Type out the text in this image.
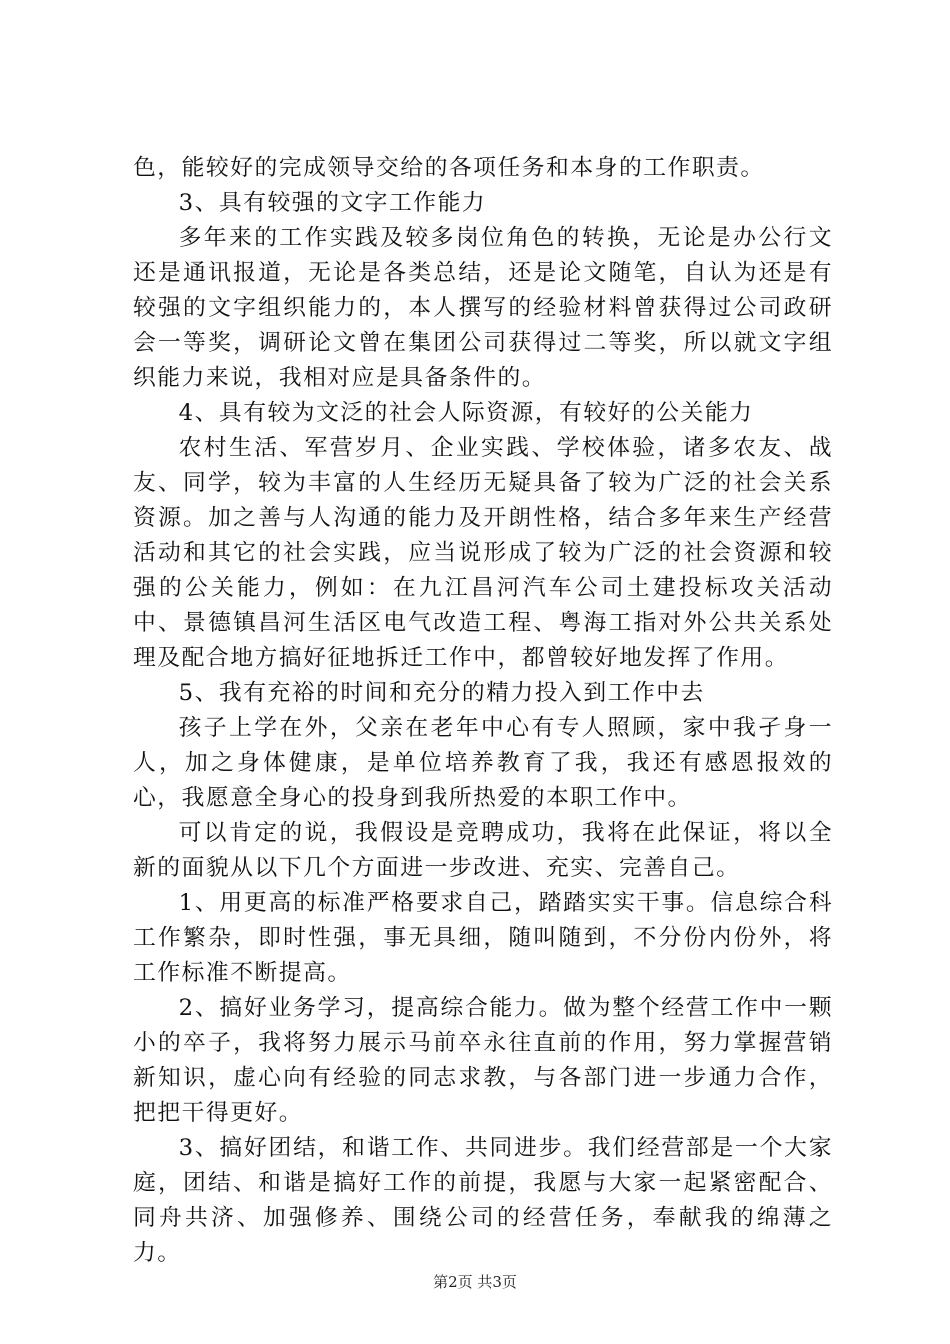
色，能较好的完成领导交给的各项任务和本身的工作职责。

3、具有较强的文字工作能力

多年来的工作实践及较多岗位角色的转换，无论是办公行文还是通讯报道，无论是各类总结，还是论文随笔，自认为还是有较强的文字组织能力的，本人撰写的经验材料曾获得过公司政研会一等奖，调研论文曾在集团公司获得过二等奖，所以就文字组织能力来说，我相对应是具备条件的。

4、具有较为文泛的社会人际资源，有较好的公关能力

农村生活、军营岁月、企业实践、学校体验，诸多农友、战友、同学，较为丰富的人生经历无疑具备了较为广泛的社会关系资源。加之善与人沟通的能力及开朗性格，结合多年来生产经营活动和其它的社会实践，应当说形成了较为广泛的社会资源和较强的公关能力，例如：在九江昌河汽车公司土建投标攻关活动中、景德镇昌河生活区电气改造工程、粤海工指对外公共关系处理及配合地方搞好征地拆迁工作中，都曾较好地发挥了作用。

5、我有充裕的时间和充分的精力投入到工作中去

孩子上学在外，父亲在老年中心有专人照顾，家中我孑身一人，加之身体健康，是单位培养教育了我，我还有感恩报效的心，我愿意全身心的投身到我所热爱的本职工作中。

可以肯定的说，我假设是竞聘成功，我将在此保证，将以全新的面貌从以下几个方面进一步改进、充实、完善自己。

1、用更高的标准严格要求自己，踏踏实实干事。信息综合科工作繁杂，即时性强，事无具细，随叫随到，不分份内份外，将工作标准不断提高。

2、搞好业务学习，提高综合能力。做为整个经营工作中一颗小的卒子，我将努力展示马前卒永往直前的作用，努力掌握营销新知识，虚心向有经验的同志求教，与各部门进一步通力合作，把把干得更好。

3、搞好团结，和谐工作、共同进步。我们经营部是一个大家庭，团结、和谐是搞好工作的前提，我愿与大家一起紧密配合、同舟共济、加强修养、围绕公司的经营任务，奉献我的绵薄之力。

第2页 共3页
